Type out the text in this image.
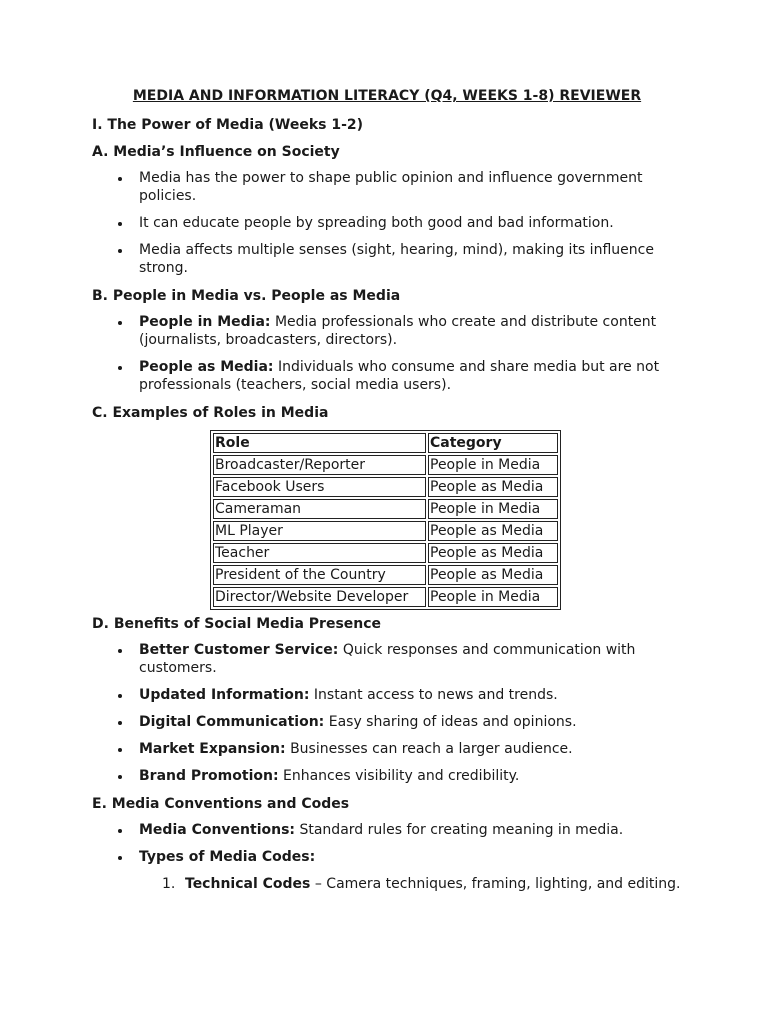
MEDIA AND INFORMATION LITERACY (Q4, WEEKS 1-8) REVIEWER
I. The Power of Media (Weeks 1-2)
A. Media’s Influence on Society
Media has the power to shape public opinion and influence government policies.
It can educate people by spreading both good and bad information.
Media affects multiple senses (sight, hearing, mind), making its influence strong.
B. People in Media vs. People as Media
People in Media: Media professionals who create and distribute content (journalists, broadcasters, directors).
People as Media: Individuals who consume and share media but are not professionals (teachers, social media users).
C. Examples of Roles in Media
Role	Category
Broadcaster/Reporter	People in Media
Facebook Users	People as Media
Cameraman	People in Media
ML Player	People as Media
Teacher	People as Media
President of the Country	People as Media
Director/Website Developer	People in Media
D. Benefits of Social Media Presence
Better Customer Service: Quick responses and communication with customers.
Updated Information: Instant access to news and trends.
Digital Communication: Easy sharing of ideas and opinions.
Market Expansion: Businesses can reach a larger audience.
Brand Promotion: Enhances visibility and credibility.
E. Media Conventions and Codes
Media Conventions: Standard rules for creating meaning in media.
Types of Media Codes:
1. Technical Codes – Camera techniques, framing, lighting, and editing.
